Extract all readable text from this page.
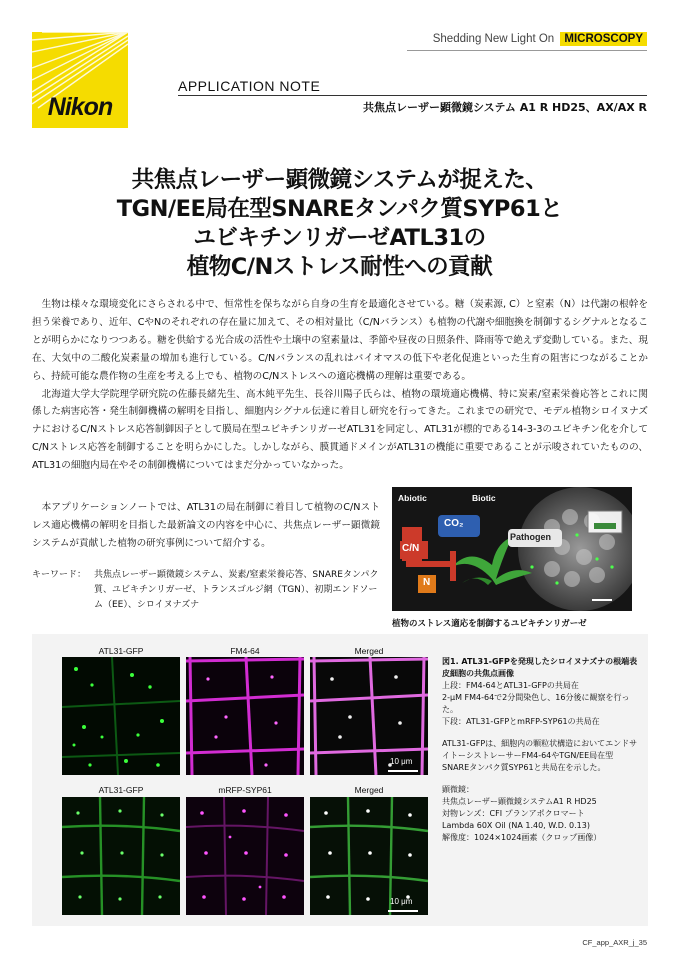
Nikon
Shedding New Light On MICROSCOPY
APPLICATION NOTE
共焦点レーザー顕微鏡システム A1 R HD25、AX/AX R
共焦点レーザー顕微鏡システムが捉えた、
TGN/EE局在型SNAREタンパク質SYP61と
ユビキチンリガーゼATL31の
植物C/Nストレス耐性への貢献

生物は様々な環境変化にさらされる中で、恒常性を保ちながら自身の生育を最適化させている。糖（炭素源, C）と窒素（N）は代謝の根幹を担う栄養であり、近年、CやNのそれぞれの存在量に加えて、その相対量比（C/Nバランス）も植物の代謝や細胞換を制御するシグナルとなることが明らかになりつつある。糖を供給する光合成の活性や土壌中の窒素量は、季節や昼夜の日照条件、降雨等で絶えず変動している。また、現在、大気中の二酸化炭素量の増加も進行している。C/Nバランスの乱れはバイオマスの低下や老化促進といった生育の阻害につながることから、持続可能な農作物の生産を考える上でも、植物のC/Nストレスへの適応機構の理解は重要である。

北海道大学大学院理学研究院の佐藤長緒先生、高木純平先生、長谷川陽子氏らは、植物の環境適応機構、特に炭素/窒素栄養応答とこれに関係した病害応答・発生制御機構の解明を目指し、細胞内シグナル伝達に着目し研究を行ってきた。これまでの研究で、モデル植物シロイヌナズナにおけるC/Nストレス応答制御因子として膜局在型ユビキチンリガーゼATL31を同定し、ATL31が標的である14-3-3のユビキチン化を介してC/Nストレス応答を制御することを明らかにした。しかしながら、膜貫通ドメインがATL31の機能に重要であることが示唆されていたものの、ATL31の細胞内局在やその制御機構についてはまだ分かっていなかった。

本アプリケーションノートでは、ATL31の局在制御に着目して植物のC/Nストレス適応機構の解明を目指した最新論文の内容を中心に、共焦点レーザー顕微鏡システムが貢献した植物の研究事例について紹介する。

キーワード： 共焦点レーザー顕微鏡システム、炭素/窒素栄養応答、SNAREタンパク質、ユビキチンリガーゼ、トランスゴルジ網（TGN）、初期エンドソーム（EE）、シロイヌナズナ
Abiotic	Biotic
CO₂
Pathogen
C/N
N
植物のストレス適応を制御するユビキチンリガーゼ
ATL31-GFP	FM4-64	Merged
10 μm
ATL31-GFP	mRFP-SYP61	Merged
10 μm
図1. ATL31-GFPを発現したシロイヌナズナの根端表皮細胞の共焦点画像
上段：FM4-64とATL31-GFPの共局在
2-μM FM4-64で2分間染色し、16分後に観察を行った。
下段：ATL31-GFPとmRFP-SYP61の共局在
ATL31-GFPは、細胞内の顆粒状構造においてエンドサイトーシストレーサーFM4-64やTGN/EE局在型SNAREタンパク質SYP61と共局在を示した。
顕微鏡：
共焦点レーザー顕微鏡システムA1 R HD25
対物レンズ：CFI プランアポクロマート
Lambda 60X Oil (NA 1.40, W.D. 0.13)
解像度：1024×1024画素（クロップ画像）
CF_app_AXR_j_35
